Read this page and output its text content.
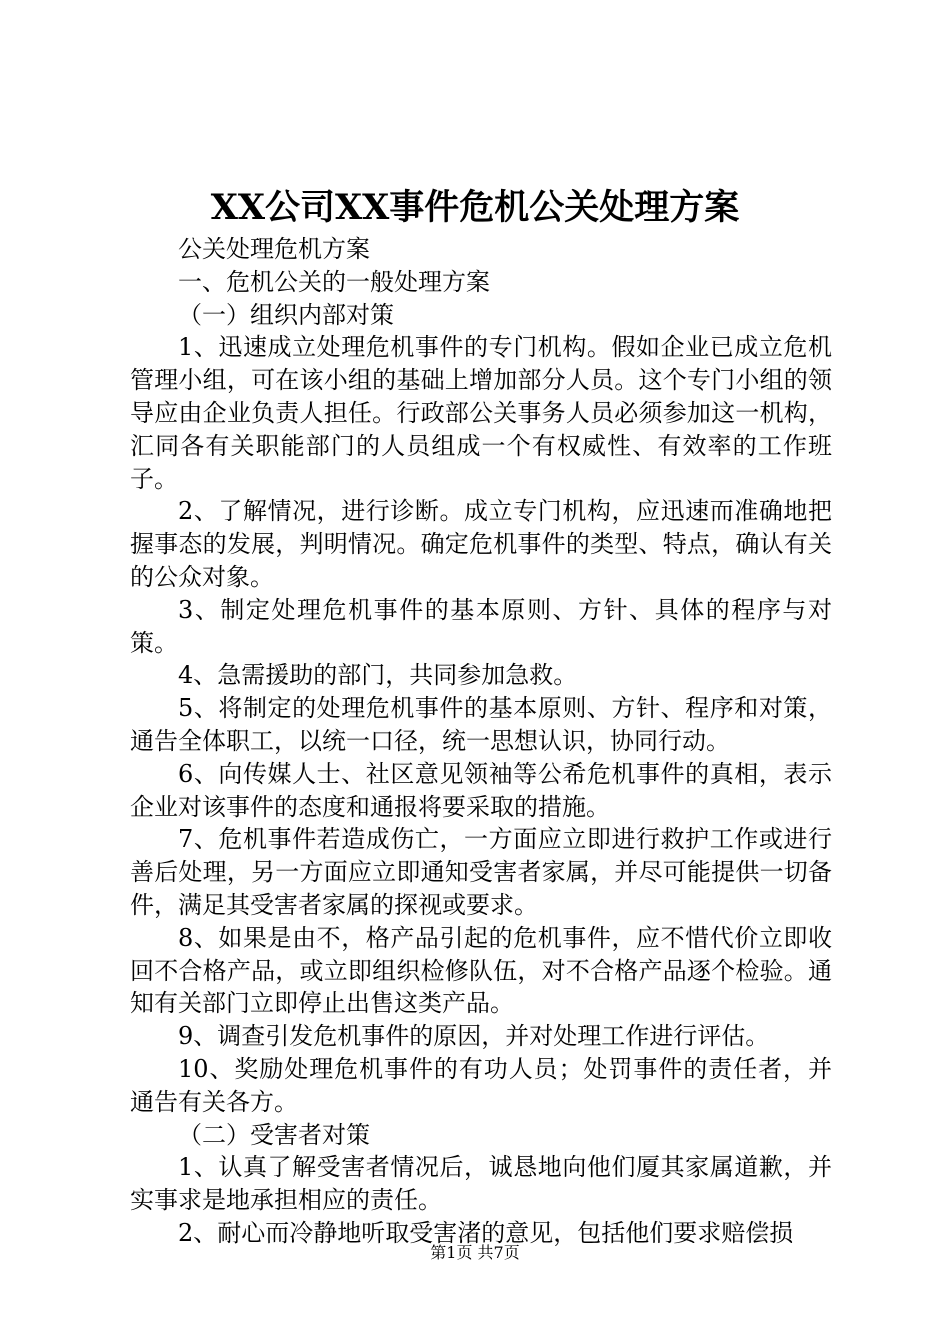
XX公司XX事件危机公关处理方案

公关处理危机方案

一、危机公关的一般处理方案

（一）组织内部对策

1、迅速成立处理危机事件的专门机构。假如企业已成立危机管理小组，可在该小组的基础上增加部分人员。这个专门小组的领导应由企业负责人担任。行政部公关事务人员必须参加这一机构，汇同各有关职能部门的人员组成一个有权威性、有效率的工作班子。

2、了解情况，进行诊断。成立专门机构，应迅速而准确地把握事态的发展，判明情况。确定危机事件的类型、特点，确认有关的公众对象。

3、制定处理危机事件的基本原则、方针、具体的程序与对策。

4、急需援助的部门，共同参加急救。

5、将制定的处理危机事件的基本原则、方针、程序和对策，通告全体职工，以统一口径，统一思想认识，协同行动。

6、向传媒人士、社区意见领袖等公希危机事件的真相，表示企业对该事件的态度和通报将要采取的措施。

7、危机事件若造成伤亡，一方面应立即进行救护工作或进行善后处理，另一方面应立即通知受害者家属，并尽可能提供一切备件，满足其受害者家属的探视或要求。

8、如果是由不，格产品引起的危机事件，应不惜代价立即收回不合格产品，或立即组织检修队伍，对不合格产品逐个检验。通知有关部门立即停止出售这类产品。

9、调查引发危机事件的原因，并对处理工作进行评估。

10、奖励处理危机事件的有功人员；处罚事件的责任者，并通告有关各方。

（二）受害者对策

1、认真了解受害者情况后，诚恳地向他们厦其家属道歉，并实事求是地承担相应的责任。

2、耐心而冷静地听取受害渚的意见，包括他们要求赔偿损

第1页 共7页
